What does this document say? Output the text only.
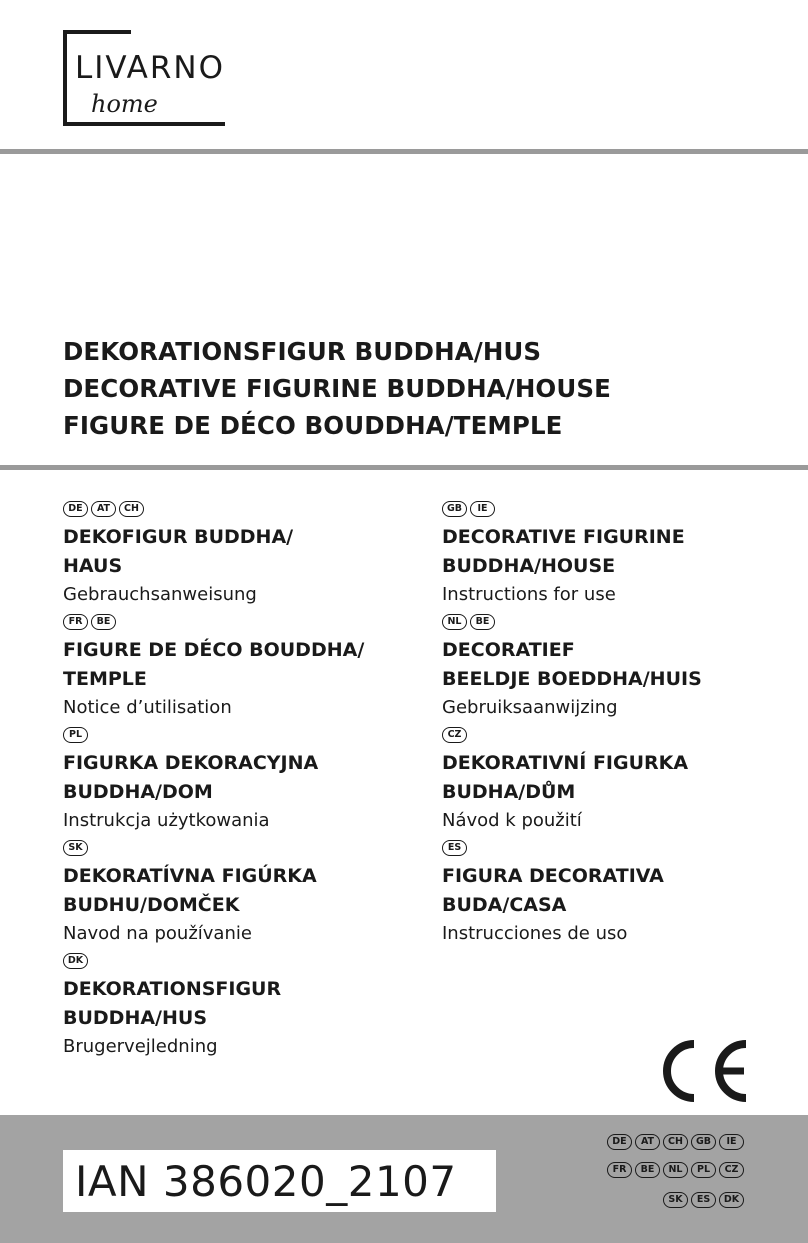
LIVARNO
home
DEKORATIONSFIGUR BUDDHA/HUS
DECORATIVE FIGURINE BUDDHA/HOUSE
FIGURE DE DÉCO BOUDDHA/TEMPLE
DE	AT	CH
DEKOFIGUR BUDDHA/
HAUS
Gebrauchsanweisung
FR	BE
FIGURE DE DÉCO BOUDDHA/
TEMPLE
Notice d’utilisation
PL
FIGURKA DEKORACYJNA
BUDDHA/DOM
Instrukcja użytkowania
SK
DEKORATÍVNA FIGÚRKA
BUDHU/DOMČEK
Navod na používanie
DK
DEKORATIONSFIGUR
BUDDHA/HUS
Brugervejledning
GB	IE
DECORATIVE FIGURINE
BUDDHA/HOUSE
Instructions for use
NL	BE
DECORATIEF
BEELDJE BOEDDHA/HUIS
Gebruiksaanwijzing
CZ
DEKORATIVNÍ FIGURKA
BUDHA/DŮM
Návod k použití
ES
FIGURA DECORATIVA
BUDA/CASA
Instrucciones de uso
IAN 386020_2107
DE	AT	CH	GB	IE
FR	BE	NL	PL	CZ
SK	ES	DK
